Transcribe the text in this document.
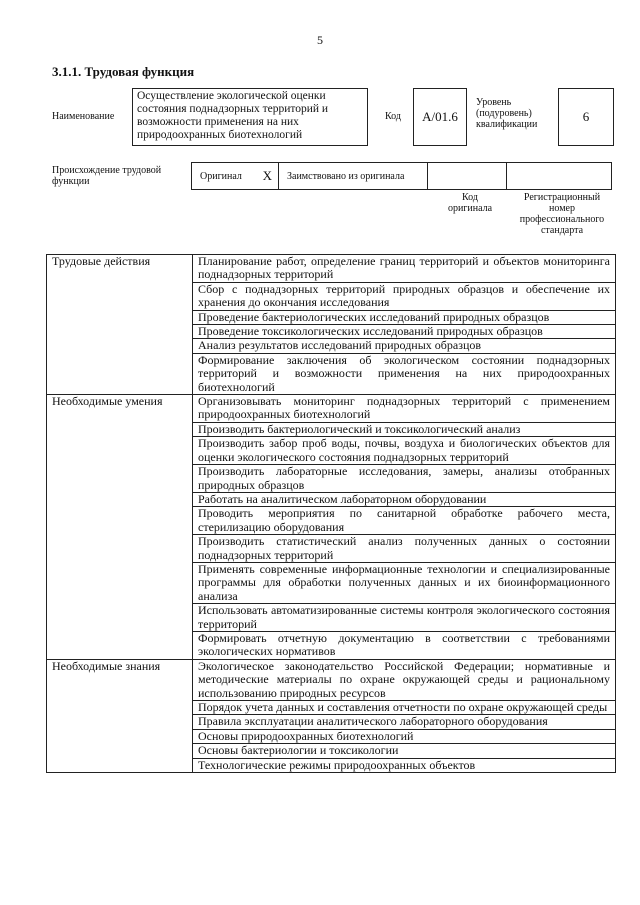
5
3.1.1. Трудовая функция
Наименование
Осуществление экологической оценки состояния поднадзорных территорий и возможности применения на них природоохранных биотехнологий
Код А/01.6
Уровень (подуровень) квалификации
6
Происхождение трудовой функции	Оригинал X Заимствовано из оригинала
Код оригинала
Регистрационный номер профессионального стандарта
Трудовые действия	Планирование работ, определение границ территорий и объектов мониторинга поднадзорных территорий
	Сбор с поднадзорных территорий природных образцов и обеспечение их хранения до окончания исследования
	Проведение бактериологических исследований природных образцов
	Проведение токсикологических исследований природных образцов
	Анализ результатов исследований природных образцов
	Формирование заключения об экологическом состоянии поднадзорных территорий и возможности применения на них природоохранных биотехнологий
Необходимые умения	Организовывать мониторинг поднадзорных территорий с применением природоохранных биотехнологий
	Производить бактериологический и токсикологический анализ
	Производить забор проб воды, почвы, воздуха и биологических объектов для оценки экологического состояния поднадзорных территорий
	Производить лабораторные исследования, замеры, анализы отобранных природных образцов
	Работать на аналитическом лабораторном оборудовании
	Проводить мероприятия по санитарной обработке рабочего места, стерилизацию оборудования
	Производить статистический анализ полученных данных о состоянии поднадзорных территорий
	Применять современные информационные технологии и специализированные программы для обработки полученных данных и их биоинформационного анализа
	Использовать автоматизированные системы контроля экологического состояния территорий
	Формировать отчетную документацию в соответствии с требованиями экологических нормативов
Необходимые знания	Экологическое законодательство Российской Федерации; нормативные и методические материалы по охране окружающей среды и рациональному использованию природных ресурсов
	Порядок учета данных и составления отчетности по охране окружающей среды
	Правила эксплуатации аналитического лабораторного оборудования
	Основы природоохранных биотехнологий
	Основы бактериологии и токсикологии
	Технологические режимы природоохранных объектов
